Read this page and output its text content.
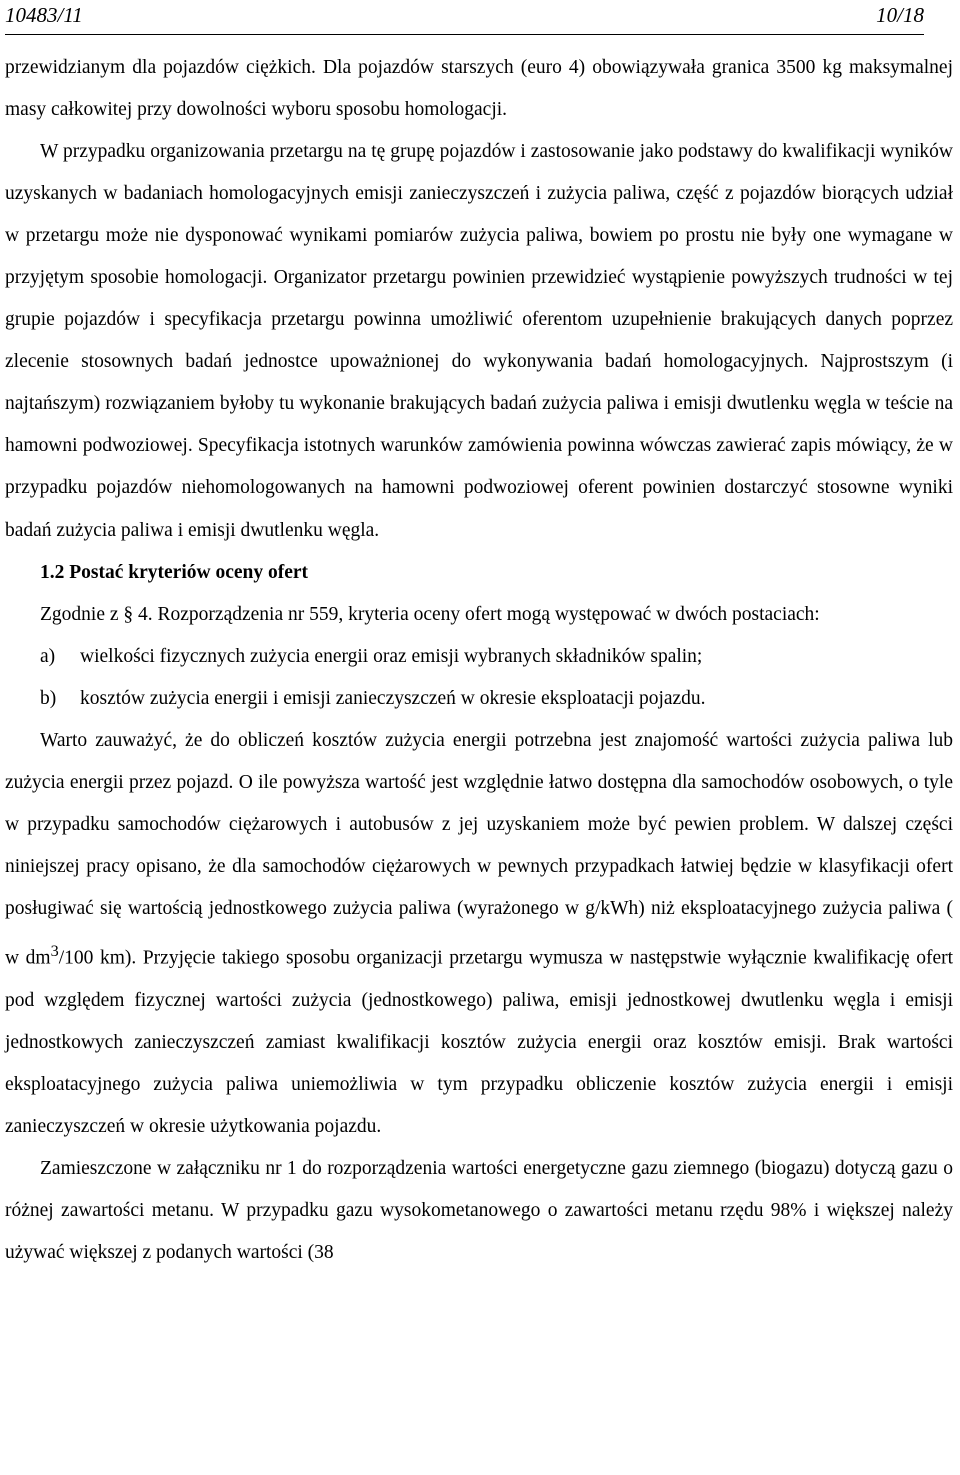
10483/11	10/18

przewidzianym dla pojazdów ciężkich. Dla pojazdów starszych (euro 4) obowiązywała granica 3500 kg maksymalnej masy całkowitej przy dowolności wyboru sposobu homologacji.

W przypadku organizowania przetargu na tę grupę pojazdów i zastosowanie jako podstawy do kwalifikacji wyników uzyskanych w badaniach homologacyjnych emisji zanieczyszczeń i zużycia paliwa, część z pojazdów biorących udział w przetargu może nie dysponować wynikami pomiarów zużycia paliwa, bowiem po prostu nie były one wymagane w przyjętym sposobie homologacji. Organizator przetargu powinien przewidzieć wystąpienie powyższych trudności w tej grupie pojazdów i specyfikacja przetargu powinna umożliwić oferentom uzupełnienie brakujących danych poprzez zlecenie stosownych badań jednostce upoważnionej do wykonywania badań homologacyjnych. Najprostszym (i najtańszym) rozwiązaniem byłoby tu wykonanie brakujących badań zużycia paliwa i emisji dwutlenku węgla w teście na hamowni podwoziowej. Specyfikacja istotnych warunków zamówienia powinna wówczas zawierać zapis mówiący, że w przypadku pojazdów niehomologowanych na hamowni podwoziowej oferent powinien dostarczyć stosowne wyniki badań zużycia paliwa i emisji dwutlenku węgla.

1.2 Postać kryteriów oceny ofert

Zgodnie z § 4. Rozporządzenia nr 559, kryteria oceny ofert mogą występować w dwóch postaciach:

a)	wielkości fizycznych zużycia energii oraz emisji wybranych składników spalin;
b)	kosztów zużycia energii i emisji zanieczyszczeń w okresie eksploatacji pojazdu.

Warto zauważyć, że do obliczeń kosztów zużycia energii potrzebna jest znajomość wartości zużycia paliwa lub zużycia energii przez pojazd. O ile powyższa wartość jest względnie łatwo dostępna dla samochodów osobowych, o tyle w przypadku samochodów ciężarowych i autobusów z jej uzyskaniem może być pewien problem. W dalszej części niniejszej pracy opisano, że dla samochodów ciężarowych w pewnych przypadkach łatwiej będzie w klasyfikacji ofert posługiwać się wartością jednostkowego zużycia paliwa (wyrażonego w g/kWh) niż eksploatacyjnego zużycia paliwa ( w $dm^3/100$ km). Przyjęcie takiego sposobu organizacji przetargu wymusza w następstwie wyłącznie kwalifikację ofert pod względem fizycznej wartości zużycia (jednostkowego) paliwa, emisji jednostkowej dwutlenku węgla i emisji jednostkowych zanieczyszczeń zamiast kwalifikacji kosztów zużycia energii oraz kosztów emisji. Brak wartości eksploatacyjnego zużycia paliwa uniemożliwia w tym przypadku obliczenie kosztów zużycia energii i emisji zanieczyszczeń w okresie użytkowania pojazdu.

Zamieszczone w załączniku nr 1 do rozporządzenia wartości energetyczne gazu ziemnego (biogazu) dotyczą gazu o różnej zawartości metanu. W przypadku gazu wysokometanowego o zawartości metanu rzędu 98% i większej należy używać większej z podanych wartości (38
